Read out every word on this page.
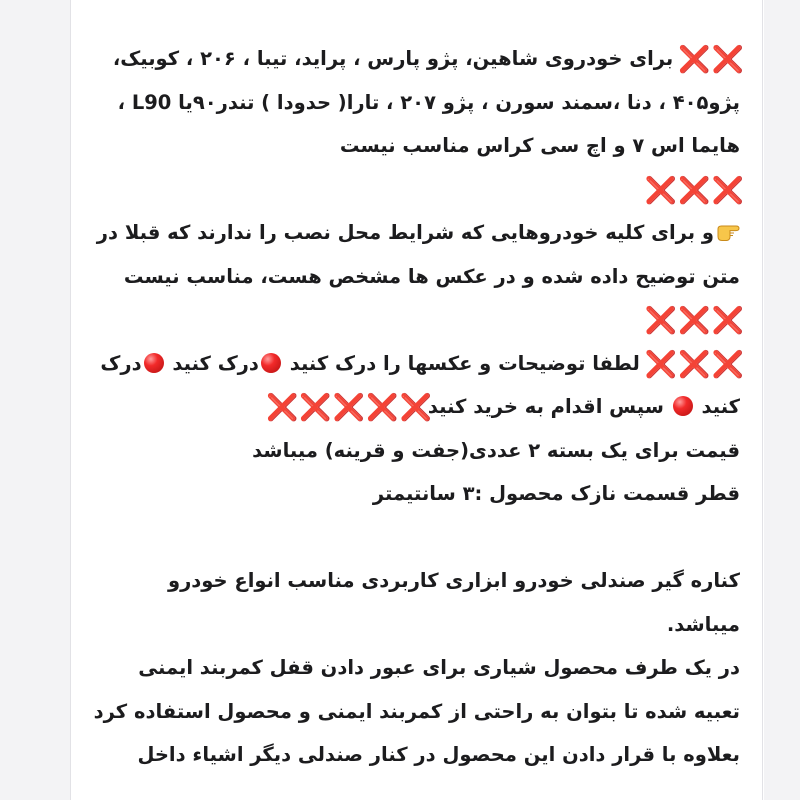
❌❌برای خودروی شاهین، پژو پارس ، پراید، تیبا ، ۲۰۶ ، کوبیک، پژو۴۰۵ ، دنا ،سمند سورن ، پژو ۲۰۷ ، تارا( حدودا ) تندر۹۰یا L90 ، هایما اس ۷ و اچ سی کراس مناسب نیست
❌❌❌

و برای کلیه خودروهایی که شرایط محل نصب را ندارند که قبلا در متن توضیح داده شده و در عکس ها مشخص هست، مناسب نیست ❌❌❌

❌❌❌لطفا توضیحات و عکسها را درک کنید درک کنید درک کنید  سپس اقدام به خرید کنید❌❌❌❌❌

قیمت برای یک بسته ۲ عددی(جفت و قرینه) میباشد

قطر قسمت نازک محصول :۳ سانتیمتر

کناره گیر صندلی خودرو ابزاری کاربردی مناسب انواع خودرو میباشد.

در یک طرف محصول شیاری برای عبور دادن قفل کمربند ایمنی تعبیه شده تا بتوان به راحتی از کمربند ایمنی و محصول استفاده کرد

بعلاوه با قرار دادن این محصول در کنار صندلی دیگر اشیاء داخل
